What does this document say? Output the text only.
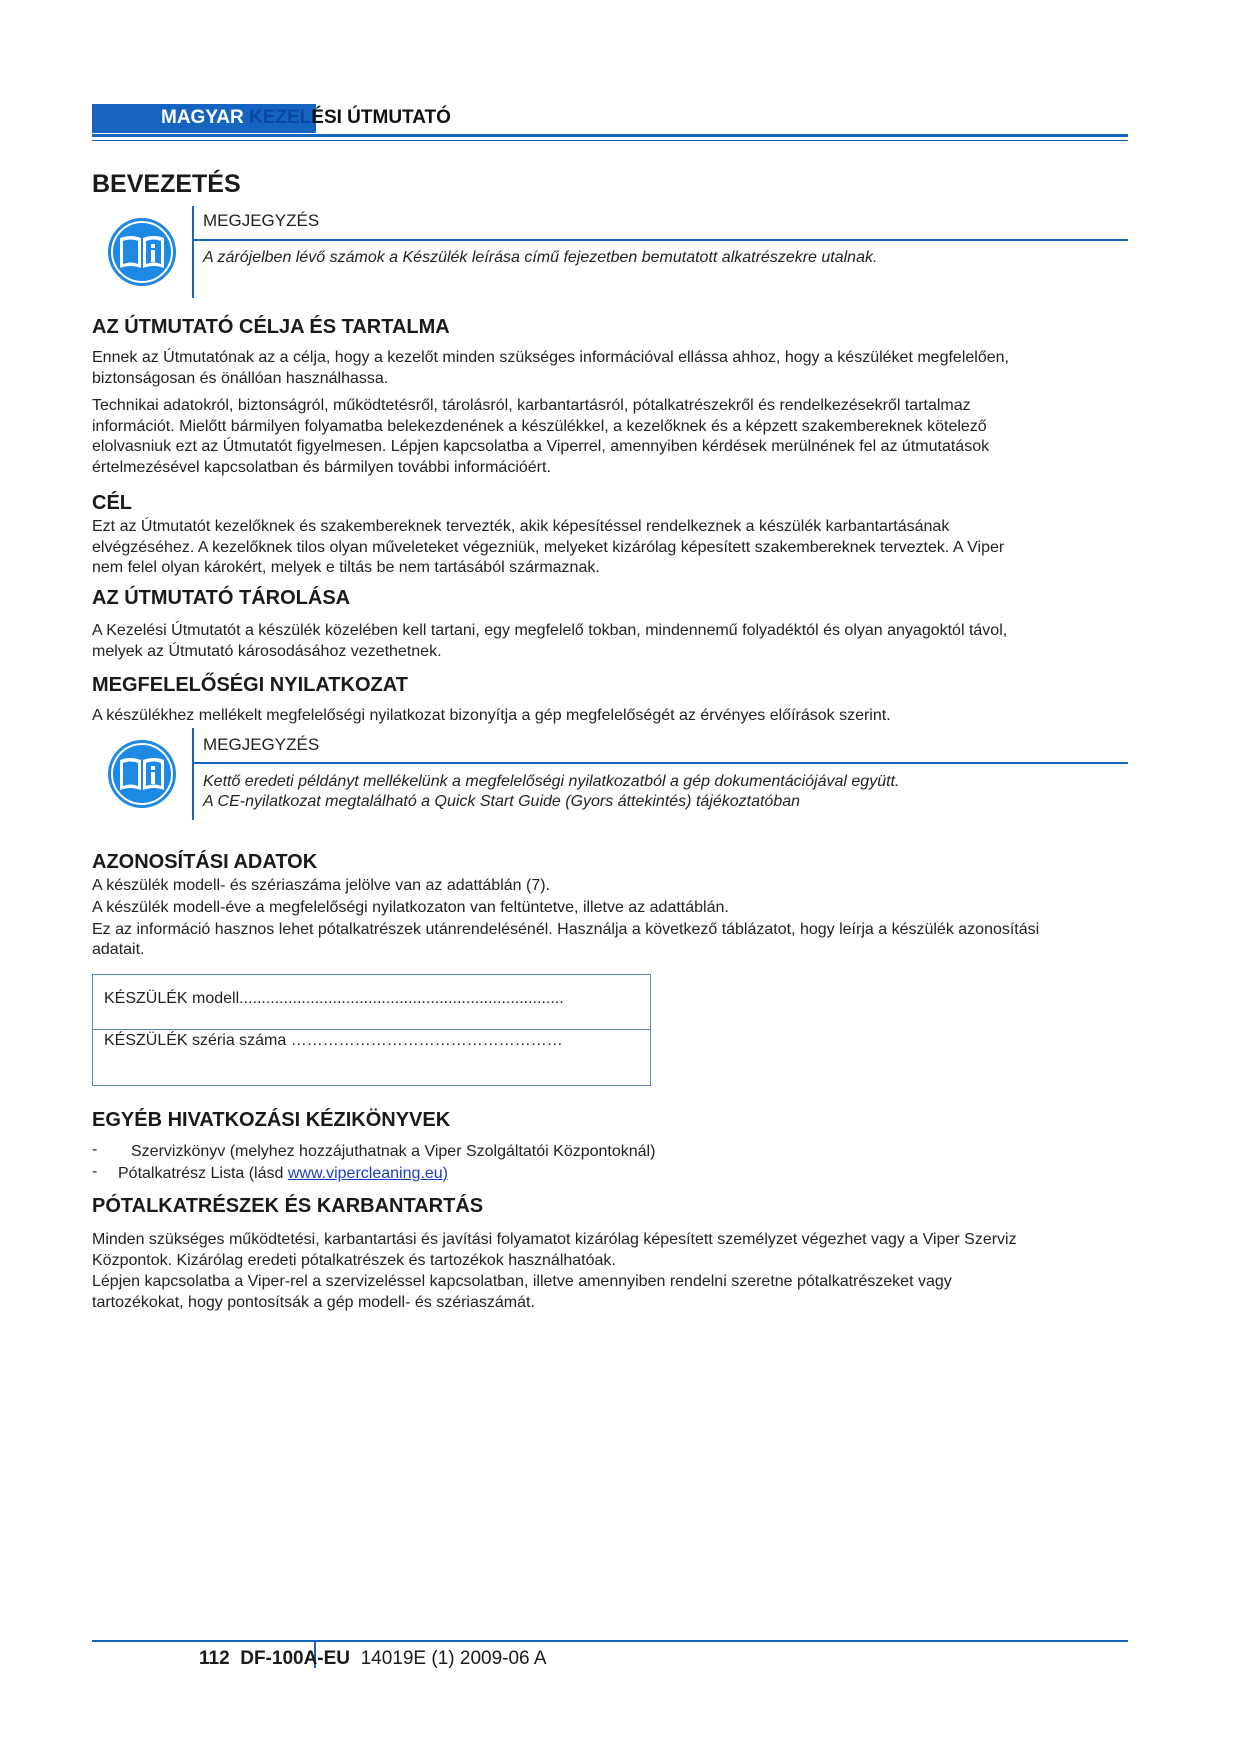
MAGYAR KEZELÉSI ÚTMUTATÓ
BEVEZETÉS
MEGJEGYZÉS
A zárójelben lévő számok a Készülék leírása című fejezetben bemutatott alkatrészekre utalnak.
AZ ÚTMUTATÓ CÉLJA ÉS TARTALMA
Ennek az Útmutatónak az a célja, hogy a kezelőt minden szükséges információval ellássa ahhoz, hogy a készüléket megfelelően,
biztonságosan és önállóan használhassa.
Technikai adatokról, biztonságról, működtetésről, tárolásról, karbantartásról, pótalkatrészekről és rendelkezésekről tartalmaz
információt. Mielőtt bármilyen folyamatba belekezdenének a készülékkel, a kezelőknek és a képzett szakembereknek kötelező
elolvasniuk ezt az Útmutatót figyelmesen. Lépjen kapcsolatba a Viperrel, amennyiben kérdések merülnének fel az útmutatások
értelmezésével kapcsolatban és bármilyen további információért.
CÉL
Ezt az Útmutatót kezelőknek és szakembereknek tervezték, akik képesítéssel rendelkeznek a készülék karbantartásának
elvégzéséhez. A kezelőknek tilos olyan műveleteket végezniük, melyeket kizárólag képesített szakembereknek terveztek. A Viper
nem felel olyan károkért, melyek e tiltás be nem tartásából származnak.
AZ ÚTMUTATÓ TÁROLÁSA
A Kezelési Útmutatót a készülék közelében kell tartani, egy megfelelő tokban, mindennemű folyadéktól és olyan anyagoktól távol,
melyek az Útmutató károsodásához vezethetnek.
MEGFELELŐSÉGI NYILATKOZAT
A készülékhez mellékelt megfelelőségi nyilatkozat bizonyítja a gép megfelelőségét az érvényes előírások szerint.
MEGJEGYZÉS
Kettő eredeti példányt mellékelünk a megfelelőségi nyilatkozatból a gép dokumentációjával együtt.
A CE-nyilatkozat megtalálható a Quick Start Guide (Gyors áttekintés) tájékoztatóban
AZONOSÍTÁSI ADATOK
A készülék modell- és szériaszáma jelölve van az adattáblán (7).
A készülék modell-éve a megfelelőségi nyilatkozaton van feltüntetve, illetve az adattáblán.
Ez az információ hasznos lehet pótalkatrészek utánrendelésénél. Használja a következő táblázatot, hogy leírja a készülék azonosítási
adatait.
KÉSZÜLÉK modell.........................................................................
KÉSZÜLÉK széria száma ……………………………………………
EGYÉB HIVATKOZÁSI KÉZIKÖNYVEK
- Szervizkönyv (melyhez hozzájuthatnak a Viper Szolgáltatói Központoknál)
- Pótalkatrész Lista (lásd www.vipercleaning.eu)
PÓTALKATRÉSZEK ÉS KARBANTARTÁS
Minden szükséges működtetési, karbantartási és javítási folyamatot kizárólag képesített személyzet végezhet vagy a Viper Szerviz
Központok. Kizárólag eredeti pótalkatrészek és tartozékok használhatóak.
Lépjen kapcsolatba a Viper-rel a szervizeléssel kapcsolatban, illetve amennyiben rendelni szeretne pótalkatrészeket vagy
tartozékokat, hogy pontosítsák a gép modell- és szériaszámát.
112 DF-100A-EU 14019E (1) 2009-06 A
